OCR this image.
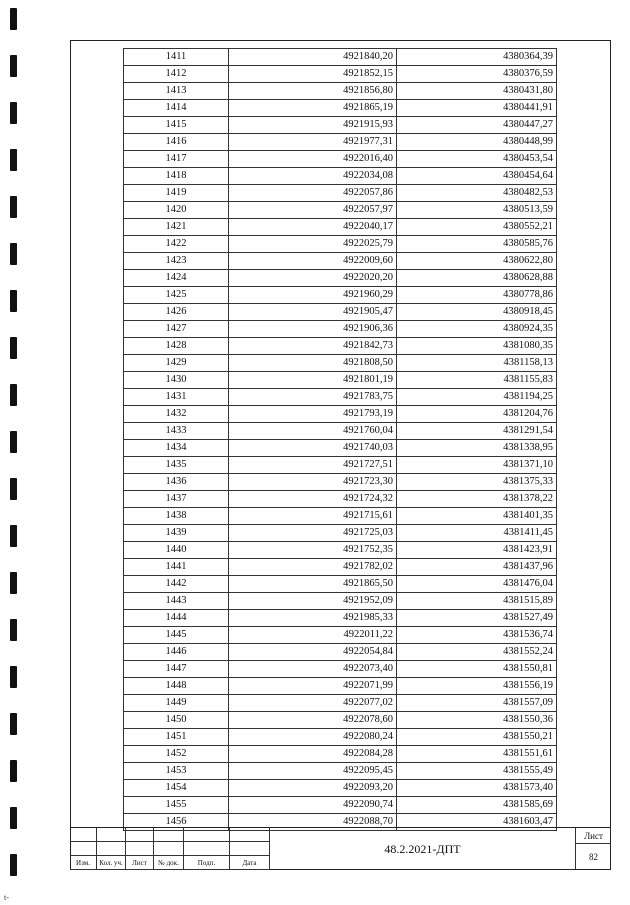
1411	4921840,20	4380364,39
1412	4921852,15	4380376,59
1413	4921856,80	4380431,80
1414	4921865,19	4380441,91
1415	4921915,93	4380447,27
1416	4921977,31	4380448,99
1417	4922016,40	4380453,54
1418	4922034,08	4380454,64
1419	4922057,86	4380482,53
1420	4922057,97	4380513,59
1421	4922040,17	4380552,21
1422	4922025,79	4380585,76
1423	4922009,60	4380622,80
1424	4922020,20	4380628,88
1425	4921960,29	4380778,86
1426	4921905,47	4380918,45
1427	4921906,36	4380924,35
1428	4921842,73	4381080,35
1429	4921808,50	4381158,13
1430	4921801,19	4381155,83
1431	4921783,75	4381194,25
1432	4921793,19	4381204,76
1433	4921760,04	4381291,54
1434	4921740,03	4381338,95
1435	4921727,51	4381371,10
1436	4921723,30	4381375,33
1437	4921724,32	4381378,22
1438	4921715,61	4381401,35
1439	4921725,03	4381411,45
1440	4921752,35	4381423,91
1441	4921782,02	4381437,96
1442	4921865,50	4381476,04
1443	4921952,09	4381515,89
1444	4921985,33	4381527,49
1445	4922011,22	4381536,74
1446	4922054,84	4381552,24
1447	4922073,40	4381550,81
1448	4922071,99	4381556,19
1449	4922077,02	4381557,09
1450	4922078,60	4381550,36
1451	4922080,24	4381550,21
1452	4922084,28	4381551,61
1453	4922095,45	4381555,49
1454	4922093,20	4381573,40
1455	4922090,74	4381585,69
1456	4922088,70	4381603,47
Изм.	Кол. уч.	Лист	№ док.	Подп.	Дата
48.2.2021-ДПТ
Лист
82
t-
